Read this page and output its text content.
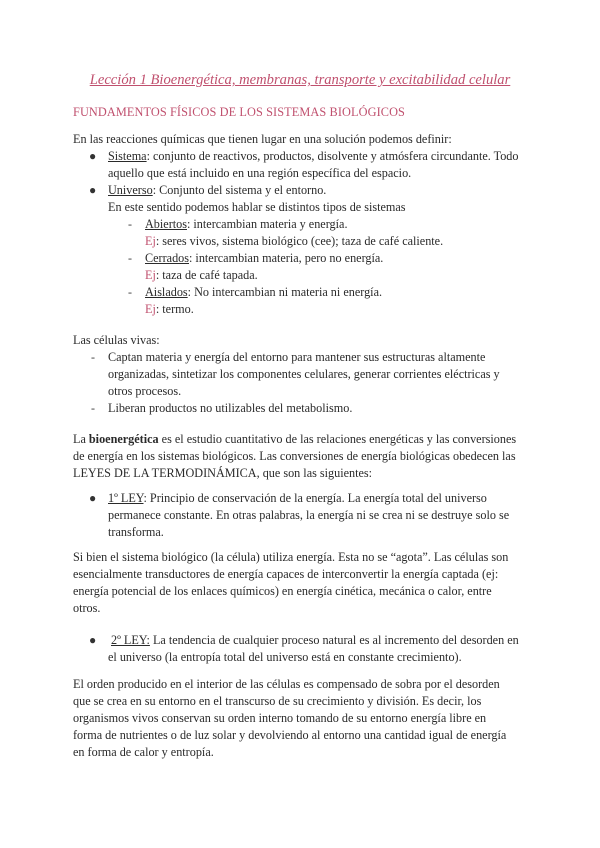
Lección 1 Bioenergética, membranas, transporte y excitabilidad celular
FUNDAMENTOS FÍSICOS DE LOS SISTEMAS BIOLÓGICOS
En las reacciones químicas que tienen lugar en una solución podemos definir:
● Sistema: conjunto de reactivos, productos, disolvente y atmósfera circundante. Todo
aquello que está incluido en una región específica del espacio.
● Universo: Conjunto del sistema y el entorno.
En este sentido podemos hablar se distintos tipos de sistemas
- Abiertos: intercambian materia y energía.
Ej: seres vivos, sistema biológico (cee); taza de café caliente.
- Cerrados: intercambian materia, pero no energía.
Ej: taza de café tapada.
- Aislados: No intercambian ni materia ni energía.
Ej: termo.
Las células vivas:
- Captan materia y energía del entorno para mantener sus estructuras altamente
organizadas, sintetizar los componentes celulares, generar corrientes eléctricas y
otros procesos.
- Liberan productos no utilizables del metabolismo.
La bioenergética es el estudio cuantitativo de las relaciones energéticas y las conversiones
de energía en los sistemas biológicos. Las conversiones de energía biológicas obedecen las
LEYES DE LA TERMODINÁMICA, que son las siguientes:
● 1º LEY: Principio de conservación de la energía. La energía total del universo
permanece constante. En otras palabras, la energía ni se crea ni se destruye solo se
transforma.
Si bien el sistema biológico (la célula) utiliza energía. Esta no se “agota”. Las células son
esencialmente transductores de energía capaces de interconvertir la energía captada (ej:
energía potencial de los enlaces químicos) en energía cinética, mecánica o calor, entre
otros.
● 2º LEY: La tendencia de cualquier proceso natural es al incremento del desorden en
el universo (la entropía total del universo está en constante crecimiento).
El orden producido en el interior de las células es compensado de sobra por el desorden
que se crea en su entorno en el transcurso de su crecimiento y división. Es decir, los
organismos vivos conservan su orden interno tomando de su entorno energía libre en
forma de nutrientes o de luz solar y devolviendo al entorno una cantidad igual de energía
en forma de calor y entropía.
